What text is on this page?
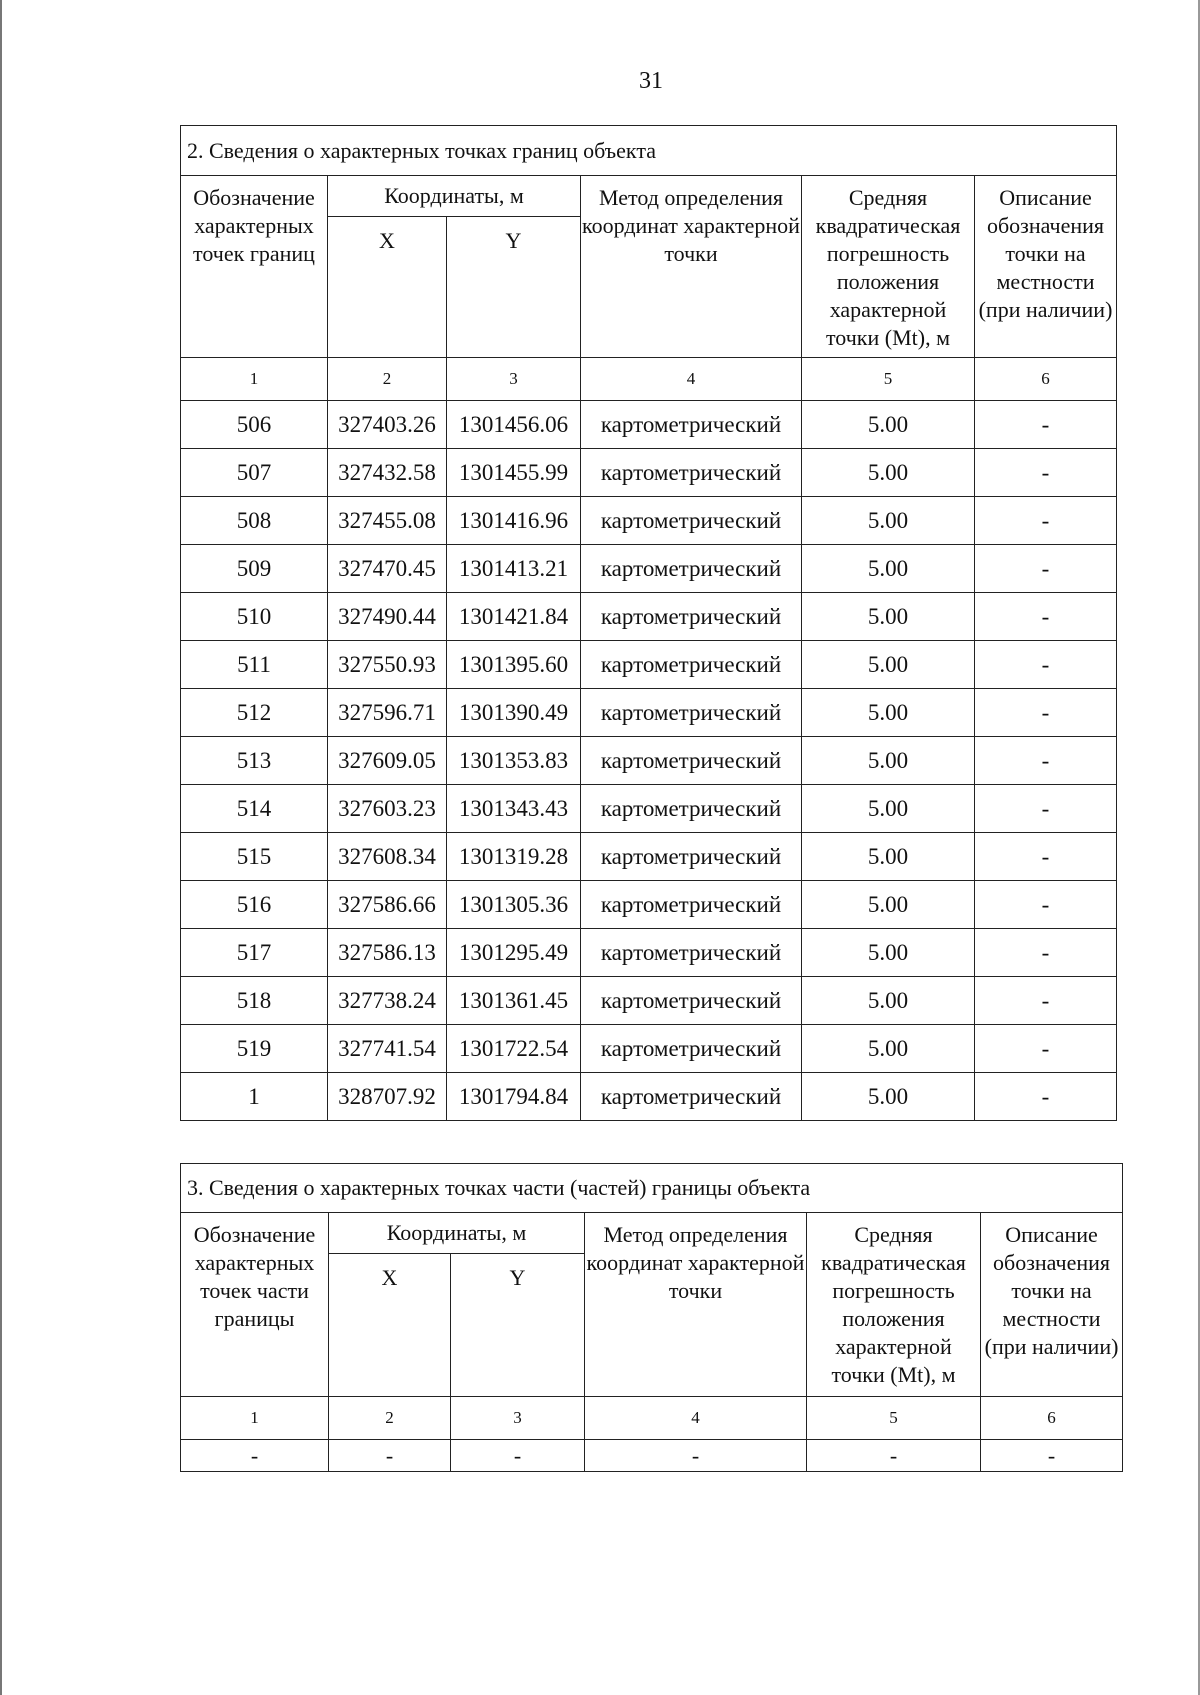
31
2. Сведения о характерных точках границ объекта					
Обозначение характерных точек границ	Координаты, м		Метод определения координат характерной точки	Средняя квадратическая погрешность положения характерной точки (Mt), м	Описание обозначения точки на местности (при наличии)
	X	Y			
1	2	3	4	5	6
506	327403.26	1301456.06	картометрический	5.00	-
507	327432.58	1301455.99	картометрический	5.00	-
508	327455.08	1301416.96	картометрический	5.00	-
509	327470.45	1301413.21	картометрический	5.00	-
510	327490.44	1301421.84	картометрический	5.00	-
511	327550.93	1301395.60	картометрический	5.00	-
512	327596.71	1301390.49	картометрический	5.00	-
513	327609.05	1301353.83	картометрический	5.00	-
514	327603.23	1301343.43	картометрический	5.00	-
515	327608.34	1301319.28	картометрический	5.00	-
516	327586.66	1301305.36	картометрический	5.00	-
517	327586.13	1301295.49	картометрический	5.00	-
518	327738.24	1301361.45	картометрический	5.00	-
519	327741.54	1301722.54	картометрический	5.00	-
1	328707.92	1301794.84	картометрический	5.00	-
3. Сведения о характерных точках части (частей) границы объекта					
Обозначение характерных точек части границы	Координаты, м		Метод определения координат характерной точки	Средняя квадратическая погрешность положения характерной точки (Mt), м	Описание обозначения точки на местности (при наличии)
	X	Y			
1	2	3	4	5	6
-	-	-	-	-	-
